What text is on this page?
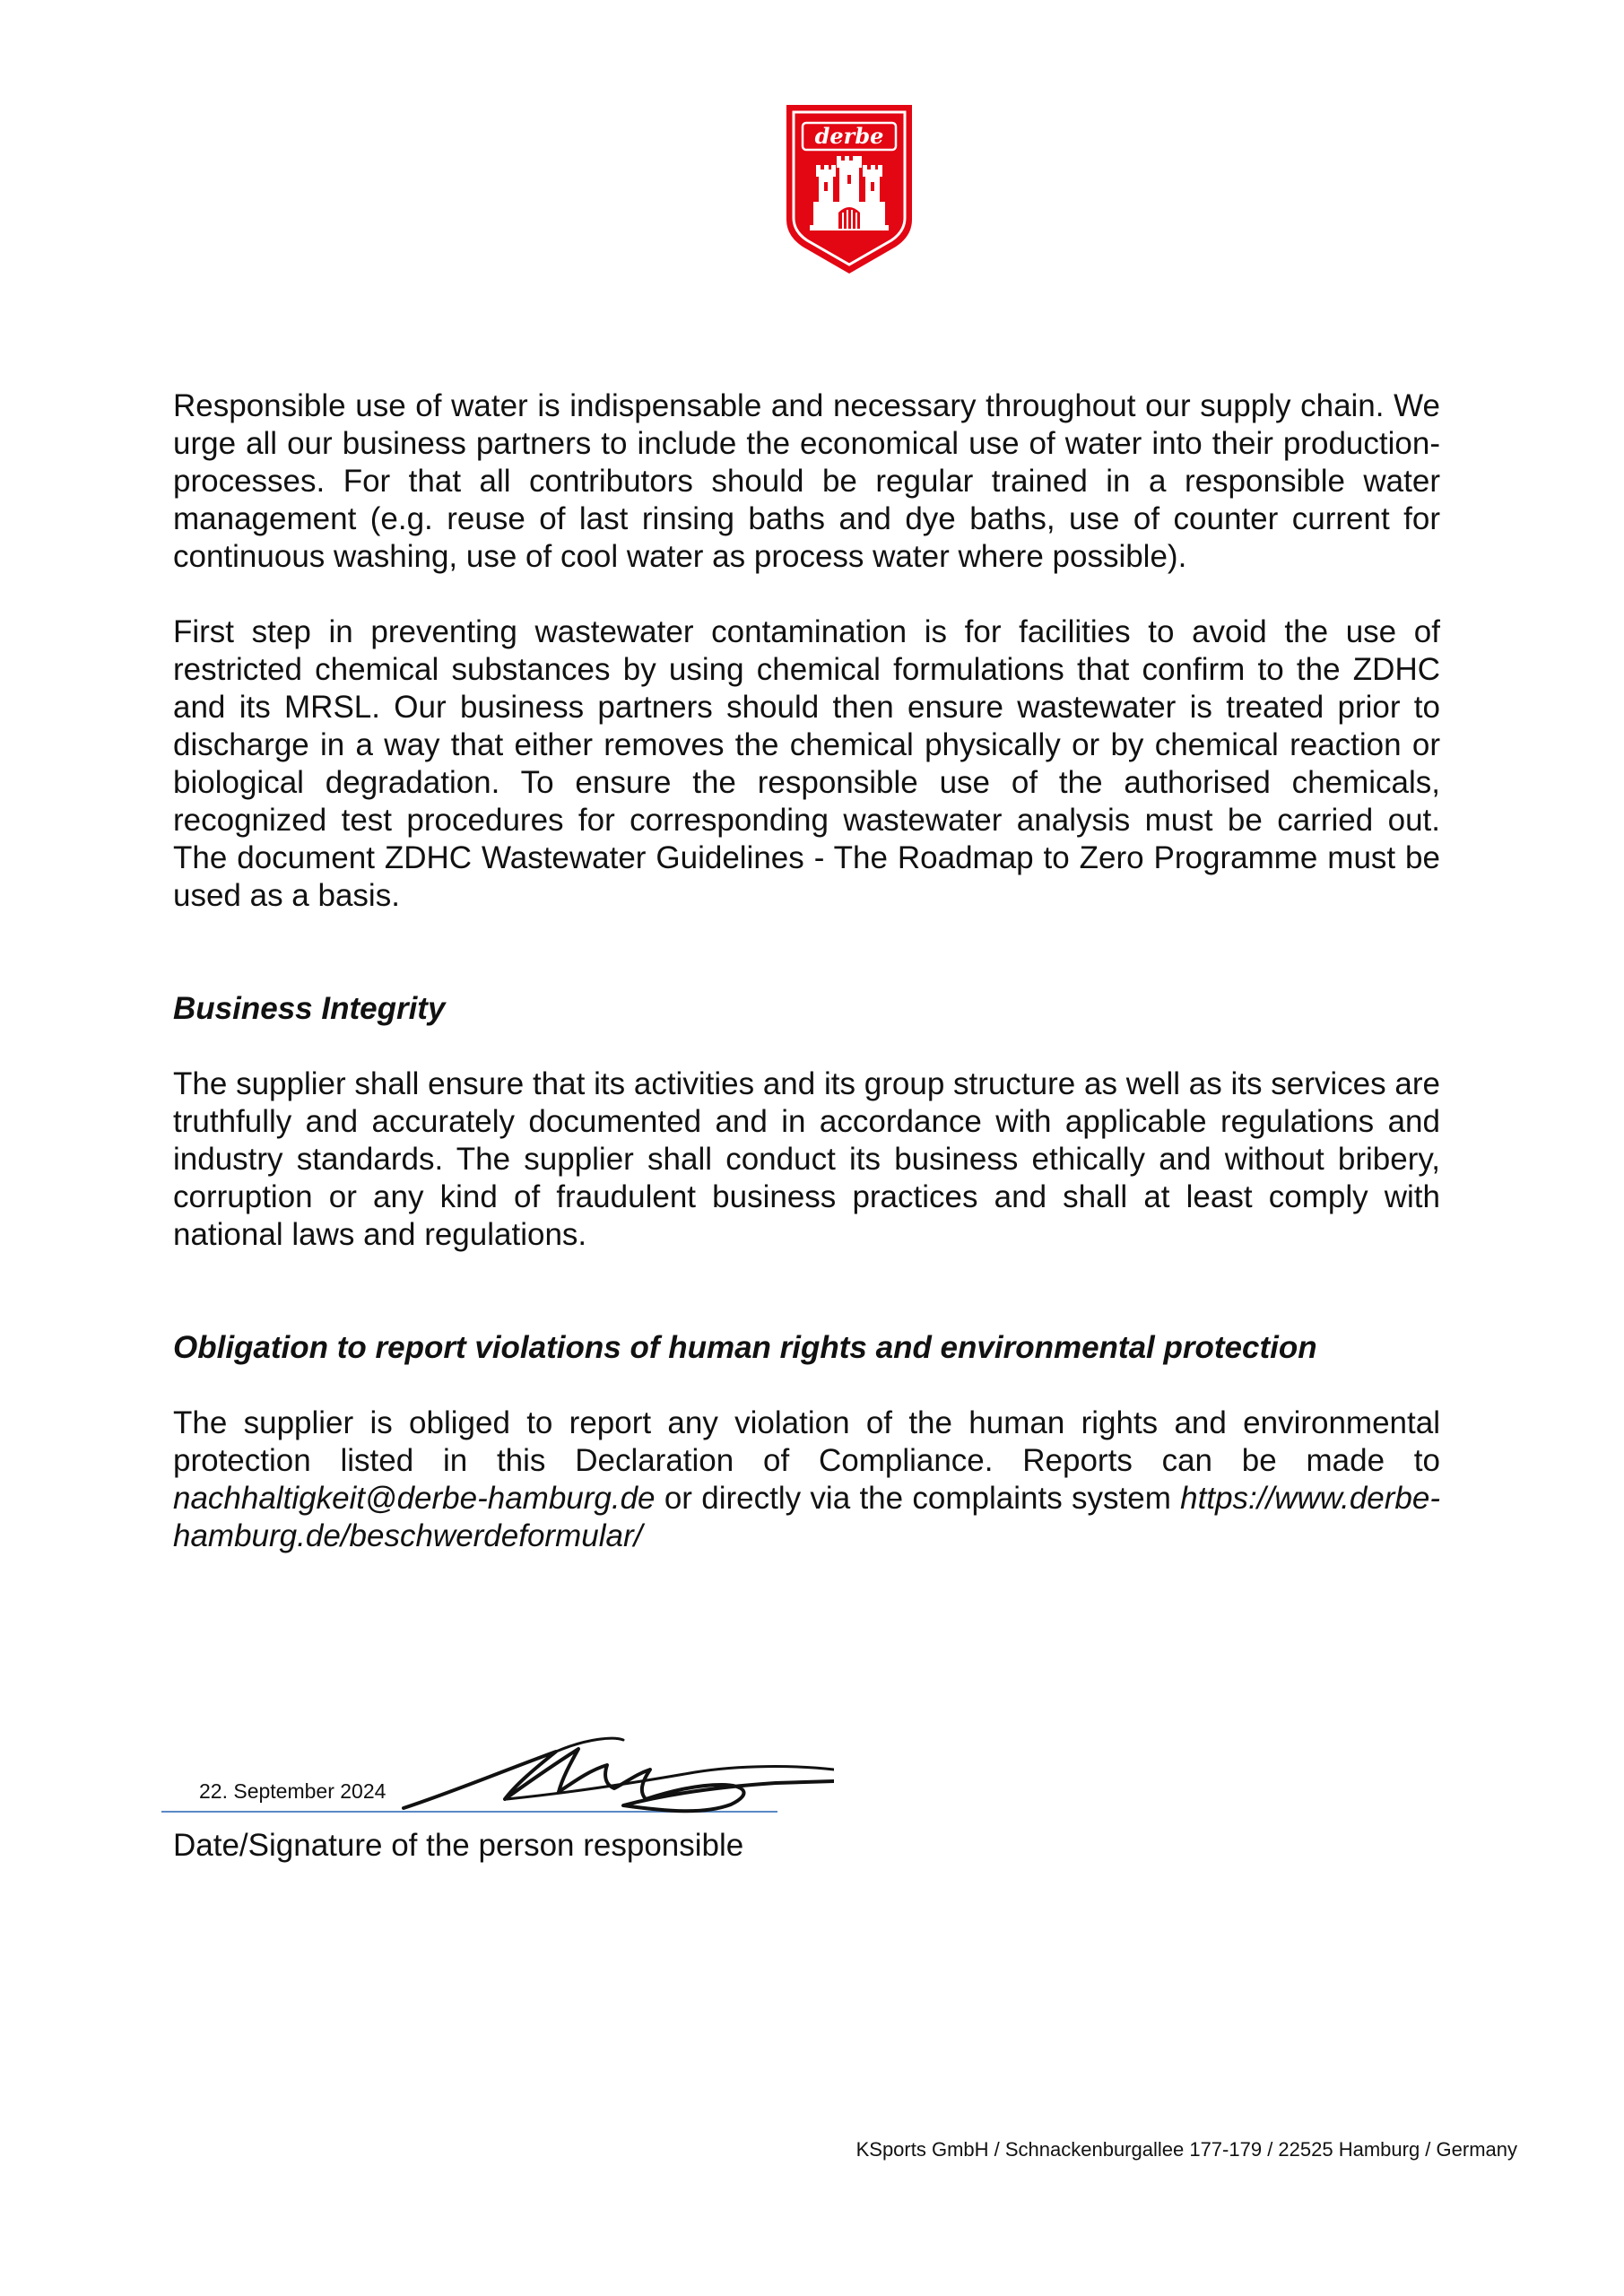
derbe

Responsible use of water is indispensable and necessary throughout our supply chain. We urge all our business partners to include the economical use of water into their production-processes. For that all contributors should be regular trained in a responsible water management (e.g. reuse of last rinsing baths and dye baths, use of counter current for continuous washing, use of cool water as process water where possible).

First step in preventing wastewater contamination is for facilities to avoid the use of restricted chemical substances by using chemical formulations that confirm to the ZDHC and its MRSL. Our business partners should then ensure wastewater is treated prior to discharge in a way that either removes the chemical physically or by chemical reaction or biological degradation. To ensure the responsible use of the authorised chemicals, recognized test procedures for corresponding wastewater analysis must be carried out. The document ZDHC Wastewater Guidelines - The Roadmap to Zero Programme must be used as a basis.

Business Integrity

The supplier shall ensure that its activities and its group structure as well as its services are truthfully and accurately documented and in accordance with applicable regulations and industry standards. The supplier shall conduct its business ethically and without bribery, corruption or any kind of fraudulent business practices and shall at least comply with national laws and regulations.

Obligation to report violations of human rights and environmental protection

The supplier is obliged to report any violation of the human rights and environmental protection listed in this Declaration of Compliance. Reports can be made to nachhaltigkeit@derbe-hamburg.de or directly via the complaints system https://www.derbe-hamburg.de/beschwerdeformular/

22. September 2024
Date/Signature of the person responsible
KSports GmbH / Schnackenburgallee 177-179 / 22525 Hamburg / Germany
